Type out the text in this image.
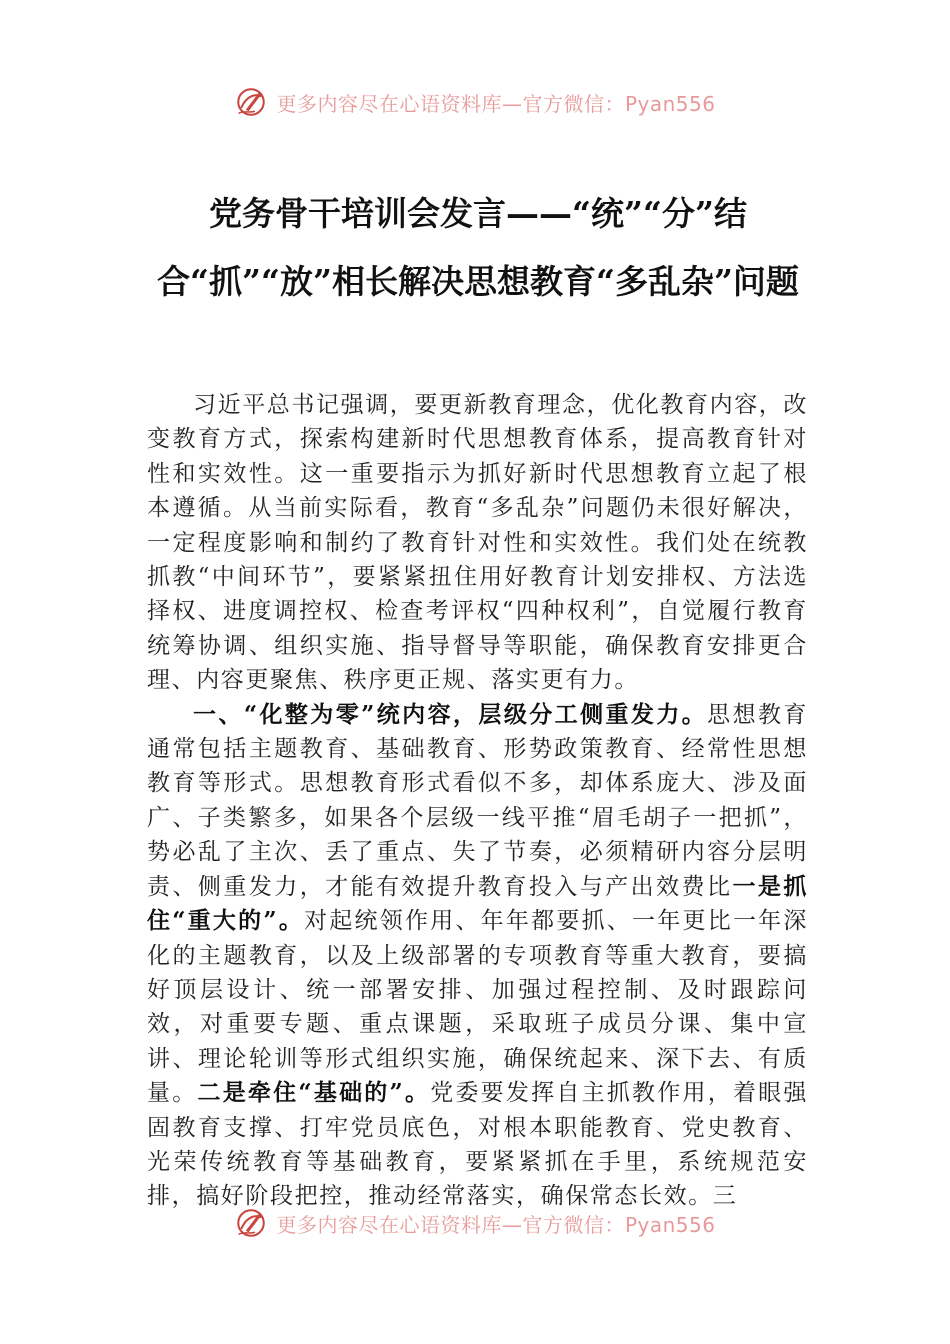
更多内容尽在心语资料库—官方微信：Pyan556
党务骨干培训会发言——“统”“分”结合“抓”“放”相长解决思想教育“多乱杂”问题

习近平总书记强调，要更新教育理念，优化教育内容，改变教育方式，探索构建新时代思想教育体系，提高教育针对性和实效性。这一重要指示为抓好新时代思想教育立起了根本遵循。从当前实际看，教育“多乱杂”问题仍未很好解决，一定程度影响和制约了教育针对性和实效性。我们处在统教抓教“中间环节”，要紧紧扭住用好教育计划安排权、方法选择权、进度调控权、检查考评权“四种权利”，自觉履行教育统筹协调、组织实施、指导督导等职能，确保教育安排更合理、内容更聚焦、秩序更正规、落实更有力。

一、“化整为零”统内容，层级分工侧重发力。思想教育通常包括主题教育、基础教育、形势政策教育、经常性思想教育等形式。思想教育形式看似不多，却体系庞大、涉及面广、子类繁多，如果各个层级一线平推“眉毛胡子一把抓”，势必乱了主次、丢了重点、失了节奏，必须精研内容分层明责、侧重发力，才能有效提升教育投入与产出效费比一是抓住“重大的”。对起统领作用、年年都要抓、一年更比一年深化的主题教育，以及上级部署的专项教育等重大教育，要搞好顶层设计、统一部署安排、加强过程控制、及时跟踪问效，对重要专题、重点课题，采取班子成员分课、集中宣讲、理论轮训等形式组织实施，确保统起来、深下去、有质量。二是牵住“基础的”。党委要发挥自主抓教作用，着眼强固教育支撑、打牢党员底色，对根本职能教育、党史教育、光荣传统教育等基础教育，要紧紧抓在手里，系统规范安排，搞好阶段把控，推动经常落实，确保常态长效。三

更多内容尽在心语资料库—官方微信：Pyan556
